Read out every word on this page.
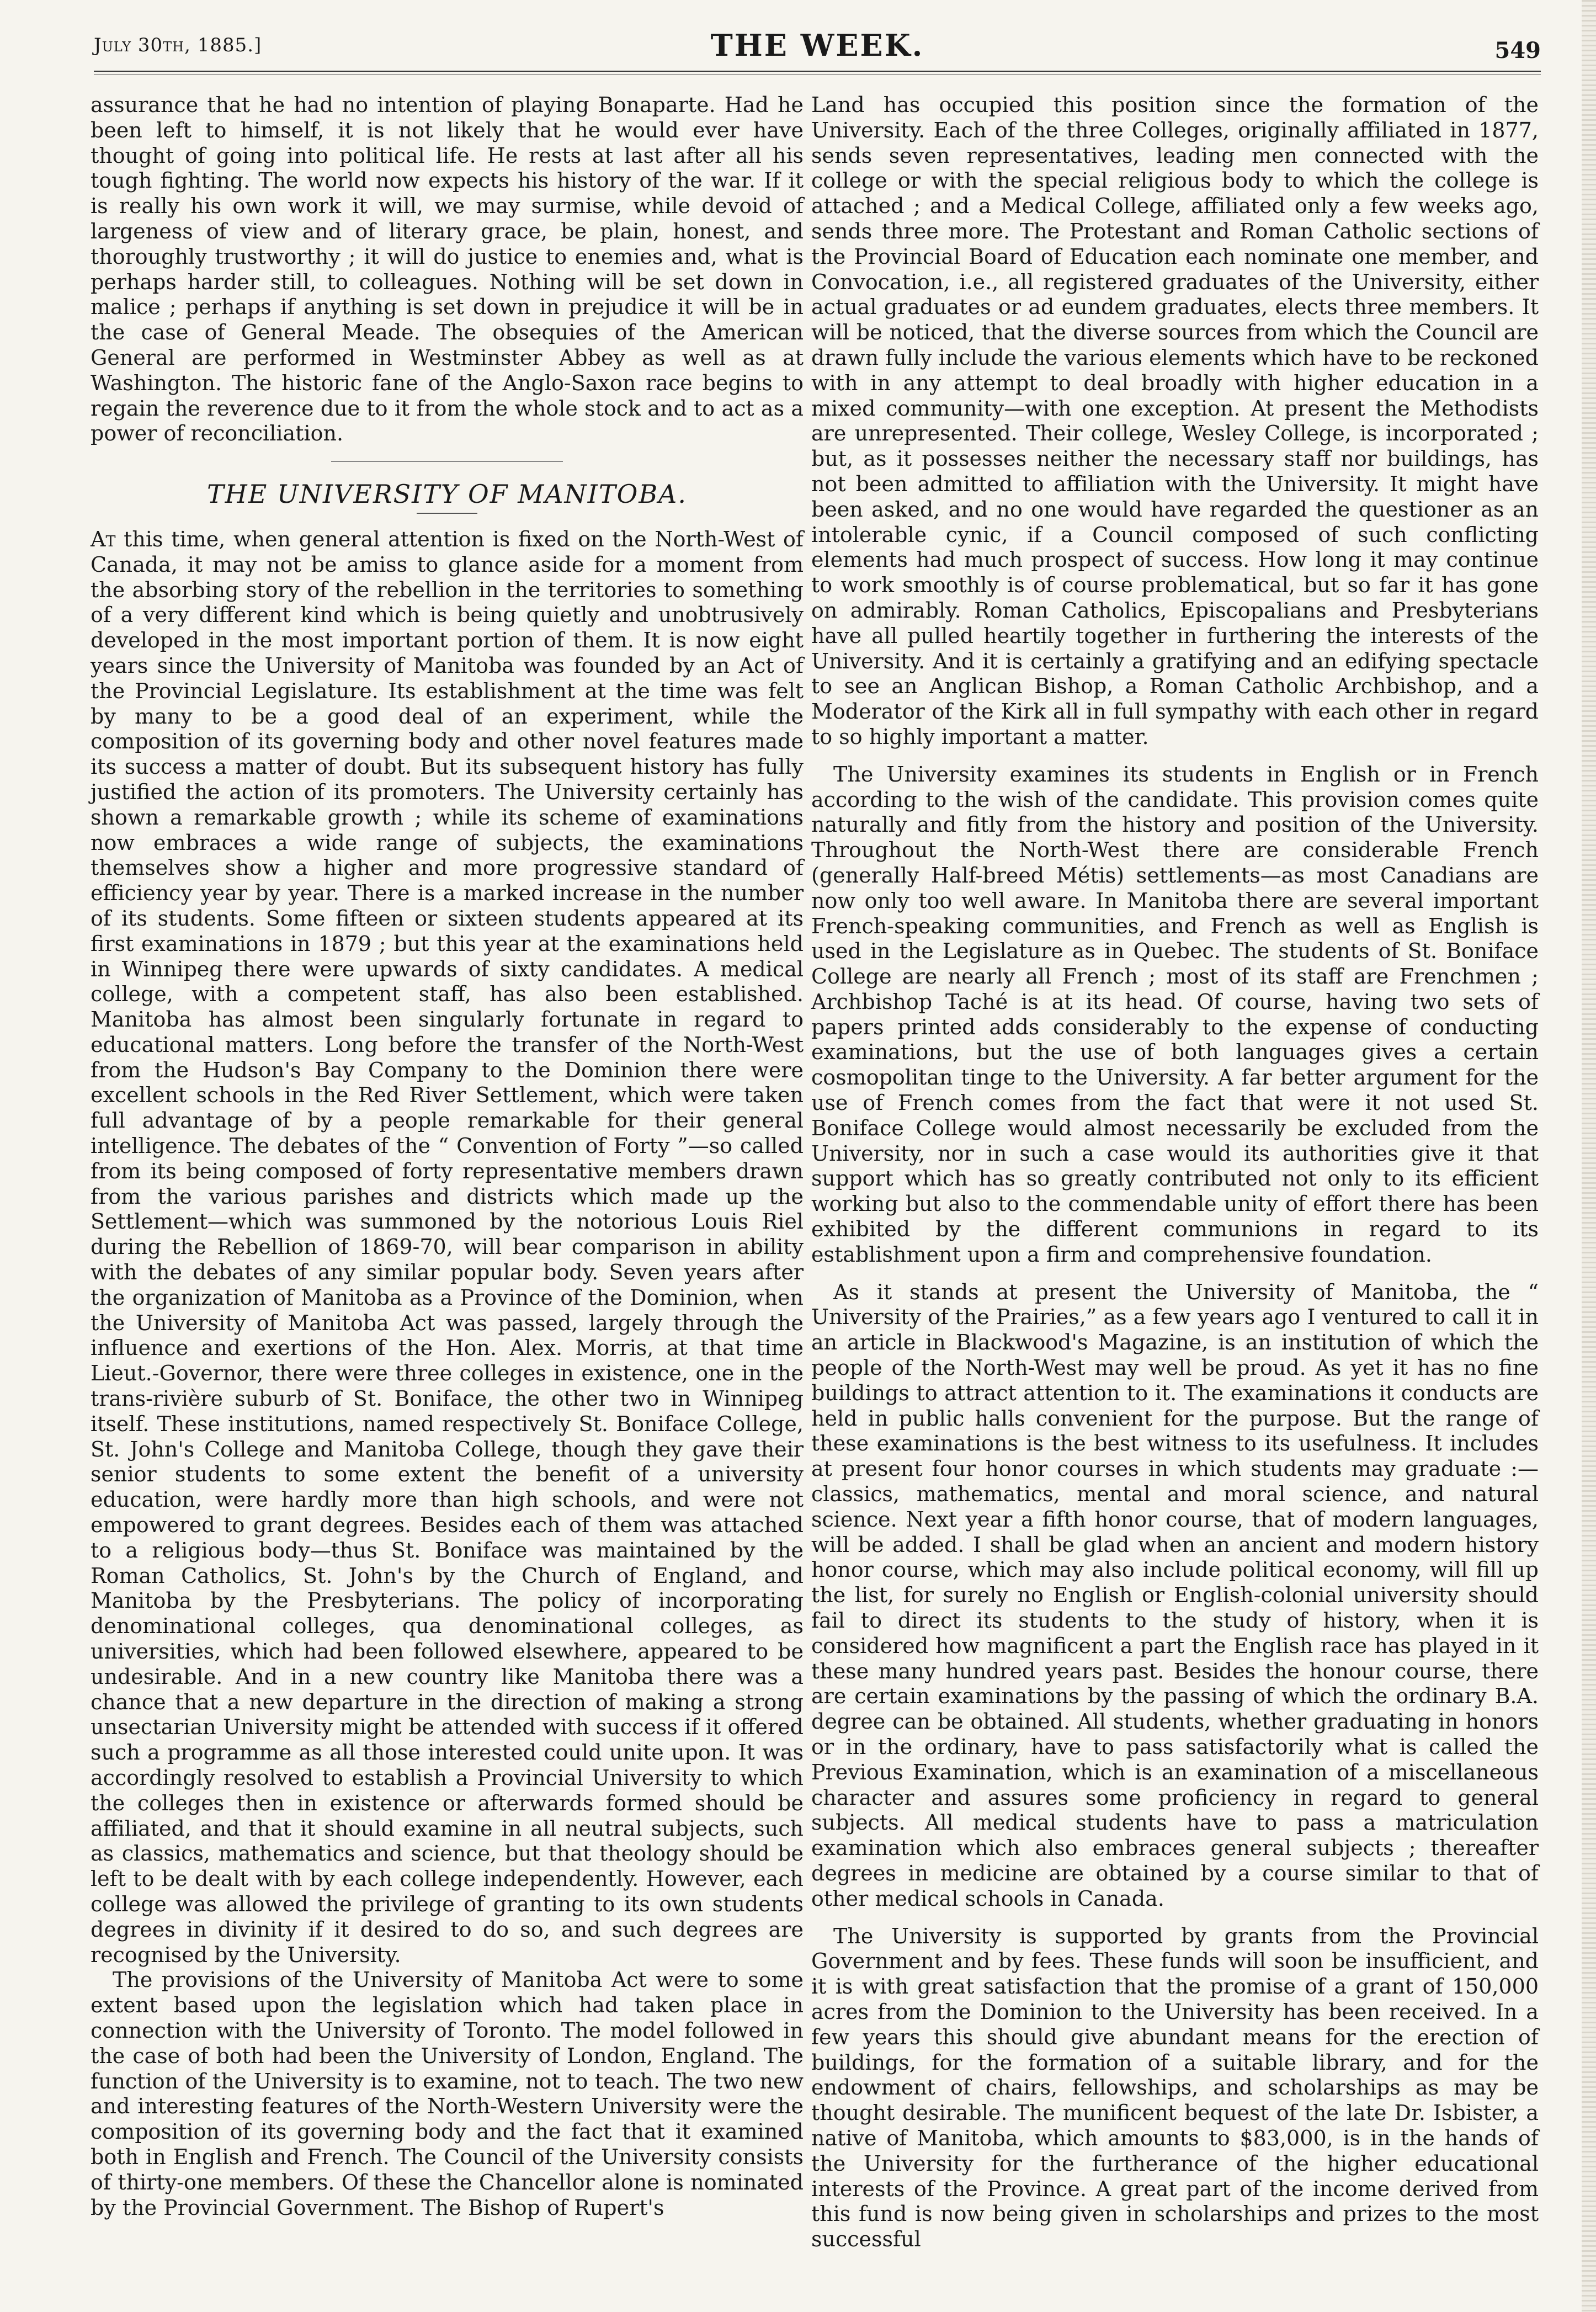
July 30th, 1885.]	THE WEEK.	549

assurance that he had no intention of playing Bonaparte. Had he been left to himself, it is not likely that he would ever have thought of going into political life. He rests at last after all his tough fighting. The world now expects his history of the war. If it is really his own work it will, we may surmise, while devoid of largeness of view and of literary grace, be plain, honest, and thoroughly trustworthy ; it will do justice to enemies and, what is perhaps harder still, to colleagues. Nothing will be set down in malice ; perhaps if anything is set down in prejudice it will be in the case of General Meade. The obsequies of the American General are performed in Westminster Abbey as well as at Washington. The historic fane of the Anglo-Saxon race begins to regain the reverence due to it from the whole stock and to act as a power of reconciliation.

THE UNIVERSITY OF MANITOBA.

At this time, when general attention is fixed on the North-West of Canada, it may not be amiss to glance aside for a moment from the absorbing story of the rebellion in the territories to something of a very different kind which is being quietly and unobtrusively developed in the most important portion of them. It is now eight years since the University of Manitoba was founded by an Act of the Provincial Legislature. Its establishment at the time was felt by many to be a good deal of an experiment, while the composition of its governing body and other novel features made its success a matter of doubt. But its subsequent history has fully justified the action of its promoters. The University certainly has shown a remarkable growth ; while its scheme of examinations now embraces a wide range of subjects, the examinations themselves show a higher and more progressive standard of efficiency year by year. There is a marked increase in the number of its students. Some fifteen or sixteen students appeared at its first examinations in 1879 ; but this year at the examinations held in Winnipeg there were upwards of sixty candidates. A medical college, with a competent staff, has also been established. Manitoba has almost been singularly fortunate in regard to educational matters. Long before the transfer of the North-West from the Hudson's Bay Company to the Dominion there were excellent schools in the Red River Settlement, which were taken full advantage of by a people remarkable for their general intelligence. The debates of the “ Convention of Forty ”—so called from its being composed of forty representative members drawn from the various parishes and districts which made up the Settlement—which was summoned by the notorious Louis Riel during the Rebellion of 1869-70, will bear comparison in ability with the debates of any similar popular body. Seven years after the organization of Manitoba as a Province of the Dominion, when the University of Manitoba Act was passed, largely through the influence and exertions of the Hon. Alex. Morris, at that time Lieut.-Governor, there were three colleges in existence, one in the trans-rivière suburb of St. Boniface, the other two in Winnipeg itself. These institutions, named respectively St. Boniface College, St. John's College and Manitoba College, though they gave their senior students to some extent the benefit of a university education, were hardly more than high schools, and were not empowered to grant degrees. Besides each of them was attached to a religious body—thus St. Boniface was maintained by the Roman Catholics, St. John's by the Church of England, and Manitoba by the Presbyterians. The policy of incorporating denominational colleges, qua denominational colleges, as universities, which had been followed elsewhere, appeared to be undesirable. And in a new country like Manitoba there was a chance that a new departure in the direction of making a strong unsectarian University might be attended with success if it offered such a programme as all those interested could unite upon. It was accordingly resolved to establish a Provincial University to which the colleges then in existence or afterwards formed should be affiliated, and that it should examine in all neutral subjects, such as classics, mathematics and science, but that theology should be left to be dealt with by each college independently. However, each college was allowed the privilege of granting to its own students degrees in divinity if it desired to do so, and such degrees are recognised by the University.

The provisions of the University of Manitoba Act were to some extent based upon the legislation which had taken place in connection with the University of Toronto. The model followed in the case of both had been the University of London, England. The function of the University is to examine, not to teach. The two new and interesting features of the North-Western University were the composition of its governing body and the fact that it examined both in English and French. The Council of the University consists of thirty-one members. Of these the Chancellor alone is nominated by the Provincial Government. The Bishop of Rupert's

Land has occupied this position since the formation of the University. Each of the three Colleges, originally affiliated in 1877, sends seven representatives, leading men connected with the college or with the special religious body to which the college is attached ; and a Medical College, affiliated only a few weeks ago, sends three more. The Protestant and Roman Catholic sections of the Provincial Board of Education each nominate one member, and Convocation, i.e., all registered graduates of the University, either actual graduates or ad eundem graduates, elects three members. It will be noticed, that the diverse sources from which the Council are drawn fully include the various elements which have to be reckoned with in any attempt to deal broadly with higher education in a mixed community—with one exception. At present the Methodists are unrepresented. Their college, Wesley College, is incorporated ; but, as it possesses neither the necessary staff nor buildings, has not been admitted to affiliation with the University. It might have been asked, and no one would have regarded the questioner as an intolerable cynic, if a Council composed of such conflicting elements had much prospect of success. How long it may continue to work smoothly is of course problematical, but so far it has gone on admirably. Roman Catholics, Episcopalians and Presbyterians have all pulled heartily together in furthering the interests of the University. And it is certainly a gratifying and an edifying spectacle to see an Anglican Bishop, a Roman Catholic Archbishop, and a Moderator of the Kirk all in full sympathy with each other in regard to so highly important a matter.

The University examines its students in English or in French according to the wish of the candidate. This provision comes quite naturally and fitly from the history and position of the University. Throughout the North-West there are considerable French (generally Half-breed Métis) settlements—as most Canadians are now only too well aware. In Manitoba there are several important French-speaking communities, and French as well as English is used in the Legislature as in Quebec. The students of St. Boniface College are nearly all French ; most of its staff are Frenchmen ; Archbishop Taché is at its head. Of course, having two sets of papers printed adds considerably to the expense of conducting examinations, but the use of both languages gives a certain cosmopolitan tinge to the University. A far better argument for the use of French comes from the fact that were it not used St. Boniface College would almost necessarily be excluded from the University, nor in such a case would its authorities give it that support which has so greatly contributed not only to its efficient working but also to the commendable unity of effort there has been exhibited by the different communions in regard to its establishment upon a firm and comprehensive foundation.

As it stands at present the University of Manitoba, the “ University of the Prairies,” as a few years ago I ventured to call it in an article in Blackwood's Magazine, is an institution of which the people of the North-West may well be proud. As yet it has no fine buildings to attract attention to it. The examinations it conducts are held in public halls convenient for the purpose. But the range of these examinations is the best witness to its usefulness. It includes at present four honor courses in which students may graduate :—classics, mathematics, mental and moral science, and natural science. Next year a fifth honor course, that of modern languages, will be added. I shall be glad when an ancient and modern history honor course, which may also include political economy, will fill up the list, for surely no English or English-colonial university should fail to direct its students to the study of history, when it is considered how magnificent a part the English race has played in it these many hundred years past. Besides the honour course, there are certain examinations by the passing of which the ordinary B.A. degree can be obtained. All students, whether graduating in honors or in the ordinary, have to pass satisfactorily what is called the Previous Examination, which is an examination of a miscellaneous character and assures some proficiency in regard to general subjects. All medical students have to pass a matriculation examination which also embraces general subjects ; thereafter degrees in medicine are obtained by a course similar to that of other medical schools in Canada.

The University is supported by grants from the Provincial Government and by fees. These funds will soon be insufficient, and it is with great satisfaction that the promise of a grant of 150,000 acres from the Dominion to the University has been received. In a few years this should give abundant means for the erection of buildings, for the formation of a suitable library, and for the endowment of chairs, fellowships, and scholarships as may be thought desirable. The munificent bequest of the late Dr. Isbister, a native of Manitoba, which amounts to $83,000, is in the hands of the University for the furtherance of the higher educational interests of the Province. A great part of the income derived from this fund is now being given in scholarships and prizes to the most successful
